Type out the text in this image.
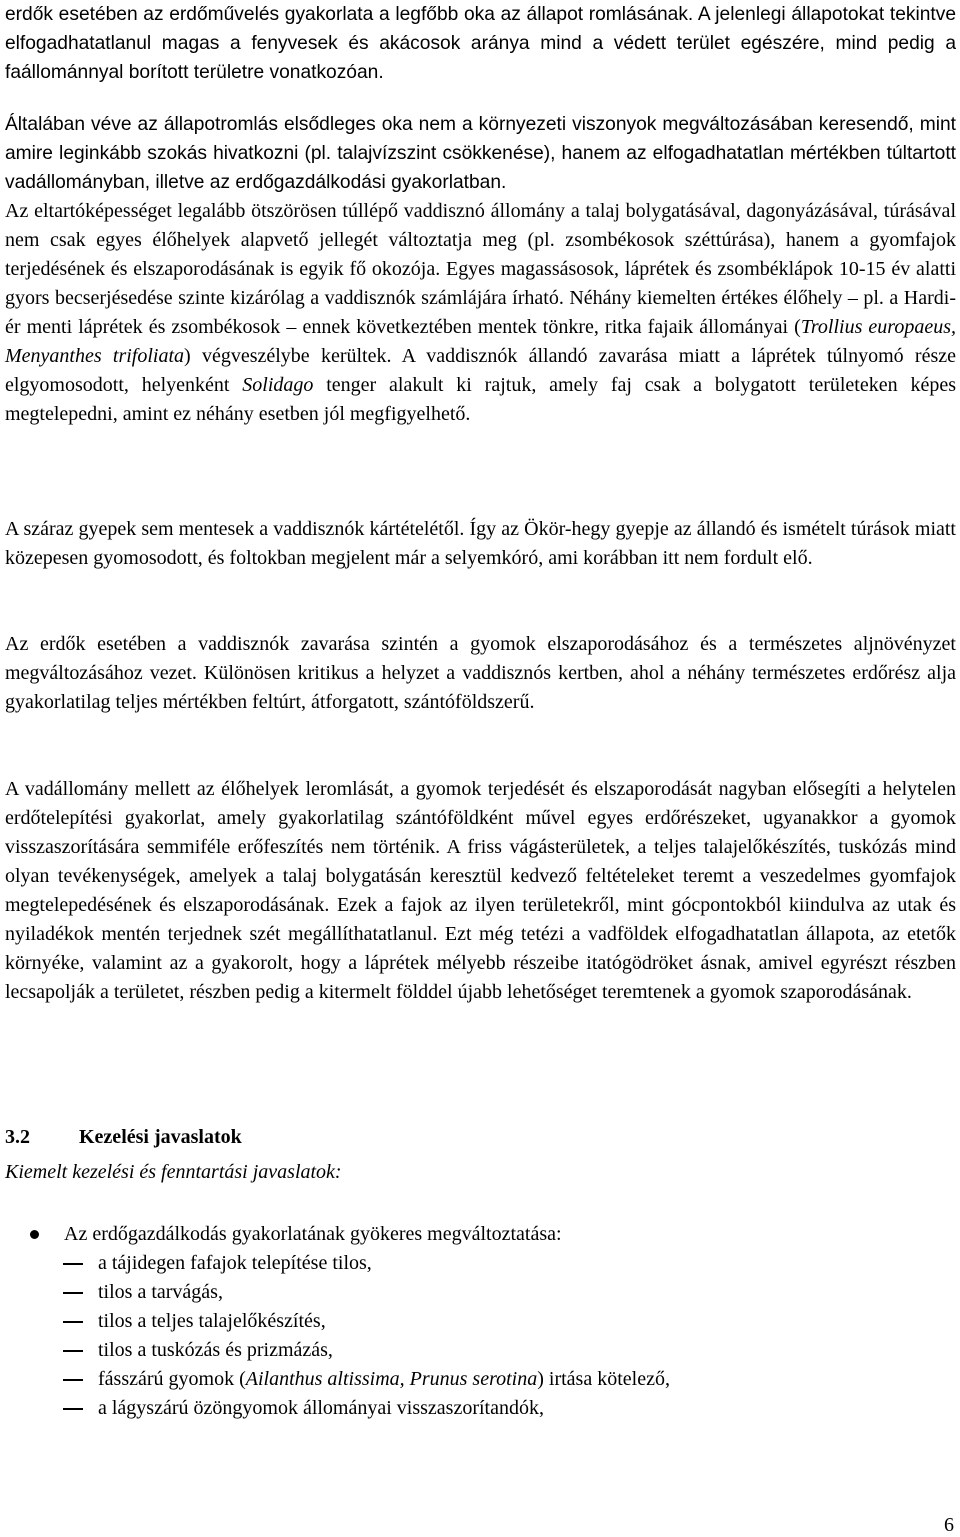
erdők esetében az erdőművelés gyakorlata a legfőbb oka az állapot romlásának. A jelenlegi állapotokat tekintve elfogadhatatlanul magas a fenyvesek és akácosok aránya mind a védett terület egészére, mind pedig a faállománnyal borított területre vonatkozóan.

Általában véve az állapotromlás elsődleges oka nem a környezeti viszonyok megváltozásában keresendő, mint amire leginkább szokás hivatkozni (pl. talajvízszint csökkenése), hanem az elfogadhatatlan mértékben túltartott vadállományban, illetve az erdőgazdálkodási gyakorlatban.

Az eltartóképességet legalább ötszörösen túllépő vaddisznó állomány a talaj bolygatásával, dagonyázásával, túrásával nem csak egyes élőhelyek alapvető jellegét változtatja meg (pl. zsombékosok széttúrása), hanem a gyomfajok terjedésének és elszaporodásának is egyik fő okozója. Egyes magassásosok, láprétek és zsombéklápok 10-15 év alatti gyors becserjésedése szinte kizárólag a vaddisznók számlájára írható. Néhány kiemelten értékes élőhely – pl. a Hardi-ér menti láprétek és zsombékosok – ennek következtében mentek tönkre, ritka fajaik állományai (Trollius europaeus, Menyanthes trifoliata) végveszélybe kerültek. A vaddisznók állandó zavarása miatt a láprétek túlnyomó része elgyomosodott, helyenként Solidago tenger alakult ki rajtuk, amely faj csak a bolygatott területeken képes megtelepedni, amint ez néhány esetben jól megfigyelhető.

A száraz gyepek sem mentesek a vaddisznók kártételétől. Így az Ökör-hegy gyepje az állandó és ismételt túrások miatt közepesen gyomosodott, és foltokban megjelent már a selyemkóró, ami korábban itt nem fordult elő.

Az erdők esetében a vaddisznók zavarása szintén a gyomok elszaporodásához és a természetes aljnövényzet megváltozásához vezet. Különösen kritikus a helyzet a vaddisznós kertben, ahol a néhány természetes erdőrész alja gyakorlatilag teljes mértékben feltúrt, átforgatott, szántóföldszerű.

A vadállomány mellett az élőhelyek leromlását, a gyomok terjedését és elszaporodását nagyban elősegíti a helytelen erdőtelepítési gyakorlat, amely gyakorlatilag szántóföldként művel egyes erdőrészeket, ugyanakkor a gyomok visszaszorítására semmiféle erőfeszítés nem történik. A friss vágásterületek, a teljes talajelőkészítés, tuskózás mind olyan tevékenységek, amelyek a talaj bolygatásán keresztül kedvező feltételeket teremt a veszedelmes gyomfajok megtelepedésének és elszaporodásának. Ezek a fajok az ilyen területekről, mint gócpontokból kiindulva az utak és nyiladékok mentén terjednek szét megállíthatatlanul. Ezt még tetézi a vadföldek elfogadhatatlan állapota, az etetők környéke, valamint az a gyakorolt, hogy a láprétek mélyebb részeibe itatógödröket ásnak, amivel egyrészt részben lecsapolják a területet, részben pedig a kitermelt földdel újabb lehetőséget teremtenek a gyomok szaporodásának.

3.2 Kezelési javaslatok

Kiemelt kezelési és fenntartási javaslatok:

Az erdőgazdálkodás gyakorlatának gyökeres megváltoztatása:
a tájidegen fafajok telepítése tilos,
tilos a tarvágás,
tilos a teljes talajelőkészítés,
tilos a tuskózás és prizmázás,
fásszárú gyomok (Ailanthus altissima, Prunus serotina) irtása kötelező,
a lágyszárú özöngyomok állományai visszaszorítandók,
6
